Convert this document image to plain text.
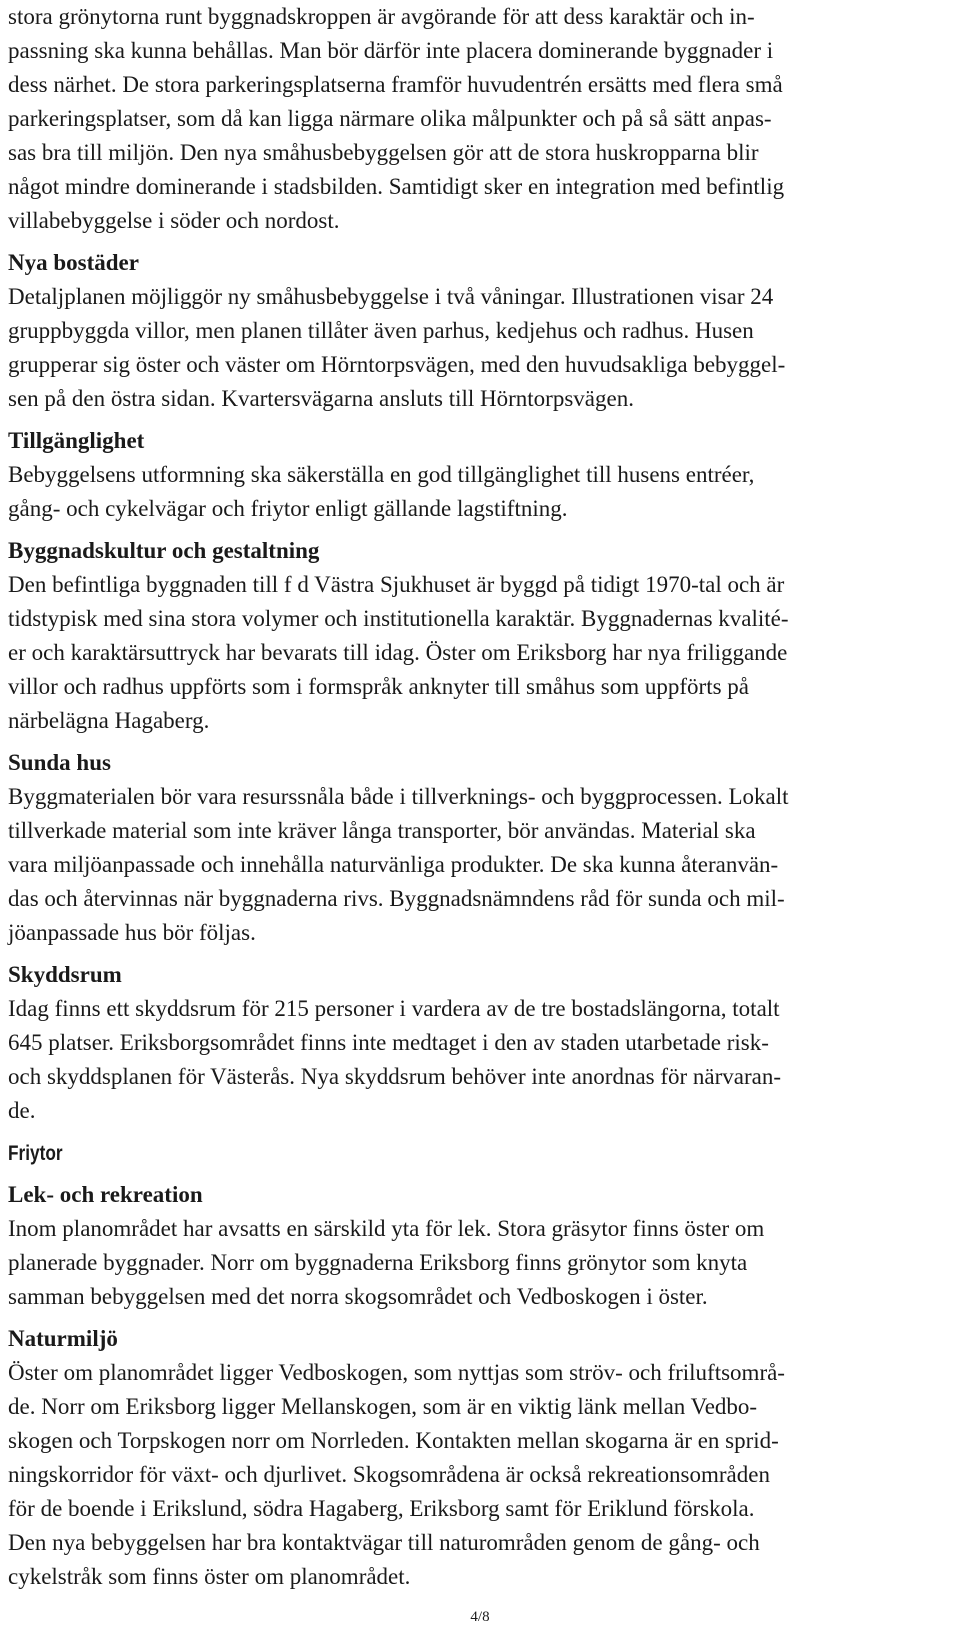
stora grönytorna runt byggnadskroppen är avgörande för att dess karaktär och in-
passning ska kunna behållas. Man bör därför inte placera dominerande byggnader i
dess närhet. De stora parkeringsplatserna framför huvudentrén ersätts med flera små
parkeringsplatser, som då kan ligga närmare olika målpunkter och på så sätt anpas-
sas bra till miljön. Den nya småhusbebyggelsen gör att de stora huskropparna blir
något mindre dominerande i stadsbilden. Samtidigt sker en integration med befintlig
villabebyggelse i söder och nordost.

Nya bostäder

Detaljplanen möjliggör ny småhusbebyggelse i två våningar. Illustrationen visar 24
gruppbyggda villor, men planen tillåter även parhus, kedjehus och radhus. Husen
grupperar sig öster och väster om Hörntorpsvägen, med den huvudsakliga bebyggel-
sen på den östra sidan. Kvartersvägarna ansluts till Hörntorpsvägen.

Tillgänglighet

Bebyggelsens utformning ska säkerställa en god tillgänglighet till husens entréer,
gång- och cykelvägar och friytor enligt gällande lagstiftning.

Byggnadskultur och gestaltning

Den befintliga byggnaden till f d Västra Sjukhuset är byggd på tidigt 1970-tal och är
tidstypisk med sina stora volymer och institutionella karaktär. Byggnadernas kvalité-
er och karaktärsuttryck har bevarats till idag. Öster om Eriksborg har nya friliggande
villor och radhus uppförts som i formspråk anknyter till småhus som uppförts på
närbelägna Hagaberg.

Sunda hus

Byggmaterialen bör vara resurssnåla både i tillverknings- och byggprocessen. Lokalt
tillverkade material som inte kräver långa transporter, bör användas. Material ska
vara miljöanpassade och innehålla naturvänliga produkter. De ska kunna återanvän-
das och återvinnas när byggnaderna rivs. Byggnadsnämndens råd för sunda och mil-
jöanpassade hus bör följas.

Skyddsrum

Idag finns ett skyddsrum för 215 personer i vardera av de tre bostadslängorna, totalt
645 platser. Eriksborgsområdet finns inte medtaget i den av staden utarbetade risk-
och skyddsplanen för Västerås. Nya skyddsrum behöver inte anordnas för närvaran-
de.

Friytor
Lek- och rekreation

Inom planområdet har avsatts en särskild yta för lek. Stora gräsytor finns öster om
planerade byggnader. Norr om byggnaderna Eriksborg finns grönytor som knyta
samman bebyggelsen med det norra skogsområdet och Vedboskogen i öster.

Naturmiljö

Öster om planområdet ligger Vedboskogen, som nyttjas som ströv- och friluftsområ-
de. Norr om Eriksborg ligger Mellanskogen, som är en viktig länk mellan Vedbo-
skogen och Torpskogen norr om Norrleden. Kontakten mellan skogarna är en sprid-
ningskorridor för växt- och djurlivet. Skogsområdena är också rekreationsområden
för de boende i Erikslund, södra Hagaberg, Eriksborg samt för Eriklund förskola.
Den nya bebyggelsen har bra kontaktvägar till naturområden genom de gång- och
cykelstråk som finns öster om planområdet.

4/8
